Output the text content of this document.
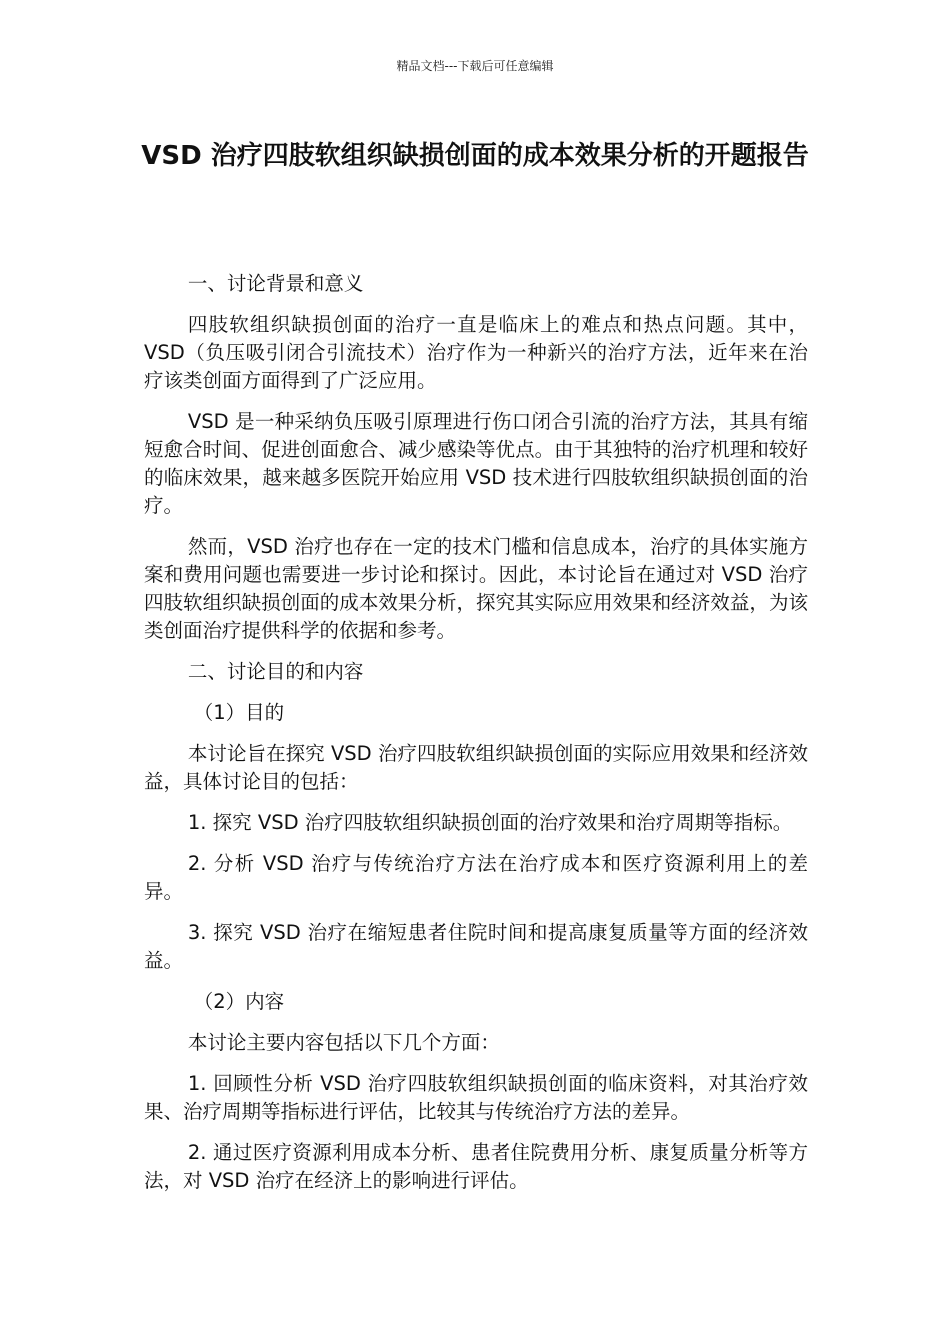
精品文档---下载后可任意编辑
VSD 治疗四肢软组织缺损创面的成本效果分析的开题报告
一、讨论背景和意义

四肢软组织缺损创面的治疗一直是临床上的难点和热点问题。其中，VSD（负压吸引闭合引流技术）治疗作为一种新兴的治疗方法，近年来在治疗该类创面方面得到了广泛应用。

VSD 是一种采纳负压吸引原理进行伤口闭合引流的治疗方法，其具有缩短愈合时间、促进创面愈合、减少感染等优点。由于其独特的治疗机理和较好的临床效果，越来越多医院开始应用 VSD 技术进行四肢软组织缺损创面的治疗。

然而，VSD 治疗也存在一定的技术门槛和信息成本，治疗的具体实施方案和费用问题也需要进一步讨论和探讨。因此，本讨论旨在通过对 VSD 治疗四肢软组织缺损创面的成本效果分析，探究其实际应用效果和经济效益，为该类创面治疗提供科学的依据和参考。

二、讨论目的和内容
（1）目的

本讨论旨在探究 VSD 治疗四肢软组织缺损创面的实际应用效果和经济效益，具体讨论目的包括：

1. 探究 VSD 治疗四肢软组织缺损创面的治疗效果和治疗周期等指标。

2. 分析 VSD 治疗与传统治疗方法在治疗成本和医疗资源利用上的差异。

3. 探究 VSD 治疗在缩短患者住院时间和提高康复质量等方面的经济效益。

（2）内容

本讨论主要内容包括以下几个方面：

1. 回顾性分析 VSD 治疗四肢软组织缺损创面的临床资料，对其治疗效果、治疗周期等指标进行评估，比较其与传统治疗方法的差异。

2. 通过医疗资源利用成本分析、患者住院费用分析、康复质量分析等方法，对 VSD 治疗在经济上的影响进行评估。
